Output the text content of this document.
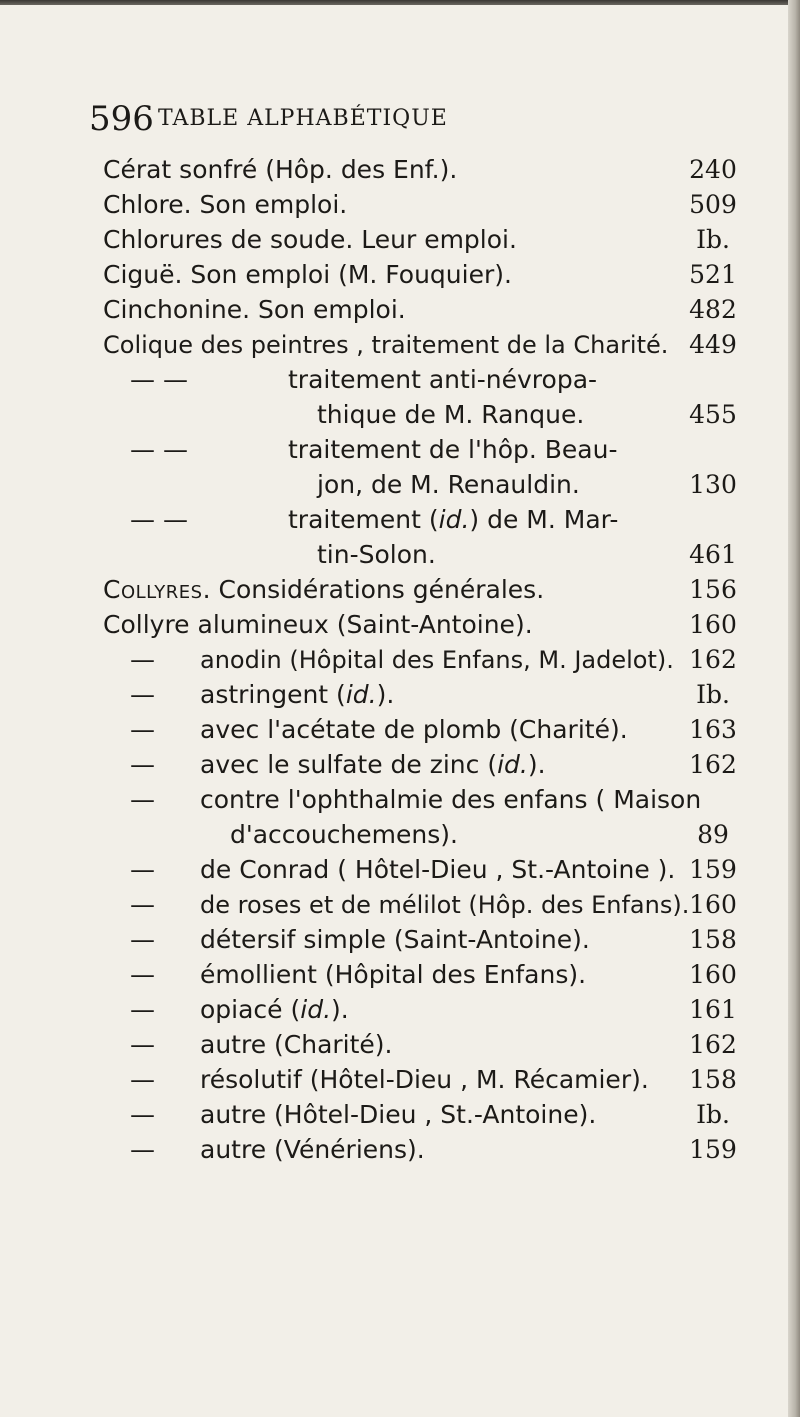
596 TABLE ALPHABÉTIQUE
Cérat sonfré (Hôp. des Enf.).	240
Chlore. Son emploi.	509
Chlorures de soude. Leur emploi.	Ib.
Ciguë. Son emploi (M. Fouquier).	521
Cinchonine. Son emploi.	482
Colique des peintres , traitement de la Charité. 449
— —	traitement anti-névropa-
thique de M. Ranque.	455
— —	traitement de l'hôp. Beau-
jon, de M. Renauldin.	130
— —	traitement (id.) de M. Mar-
tin-Solon.	461
Collyres. Considérations générales.	156
Collyre alumineux (Saint-Antoine).	160
— anodin (Hôpital des Enfans, M. Jadelot). 162
— astringent (id.).	Ib.
— avec l'acétate de plomb (Charité).	163
— avec le sulfate de zinc (id.).	162
— contre l'ophthalmie des enfans ( Maison
d'accouchemens).	89
— de Conrad ( Hôtel-Dieu , St.-Antoine ). 159
— de roses et de mélilot (Hôp. des Enfans). 160
— détersif simple (Saint-Antoine).	158
— émollient (Hôpital des Enfans).	160
— opiacé (id.).	161
— autre (Charité).	162
— résolutif (Hôtel-Dieu , M. Récamier).	158
— autre (Hôtel-Dieu , St.-Antoine).	Ib.
— autre (Vénériens).	159
